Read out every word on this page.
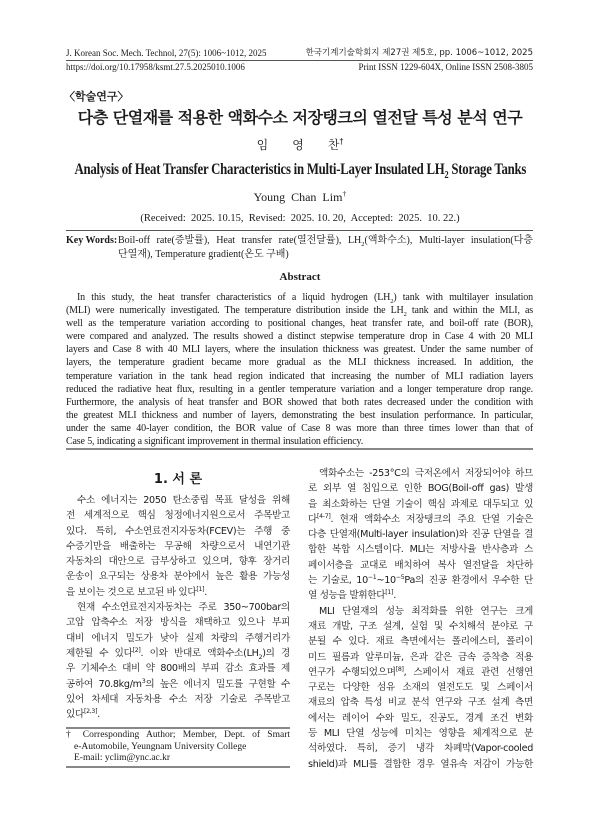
J. Korean Soc. Mech. Technol, 27(5): 1006~1012, 2025	한국기계기술학회지 제27권 제5호, pp. 1006~1012, 2025
https://doi.org/10.17958/ksmt.27.5.2025010.1006	Print ISSN 1229-604X, Online ISSN 2508-3805
〈학술연구〉
다층 단열재를 적용한 액화수소 저장탱크의 열전달 특성 분석 연구
임　　영　　찬†
Analysis of Heat Transfer Characteristics in Multi-Layer Insulated $LH_2$ Storage Tanks
Young  Chan  Lim†
(Received:  2025. 10.15,  Revised:  2025. 10. 20,  Accepted:  2025.  10. 22.)
Key Words: Boil-off rate(증발률), Heat transfer rate(열전달률), $LH_2$(액화수소), Multi-layer insulation(다층
단열재), Temperature gradient(온도 구배)
Abstract
In this study, the heat transfer characteristics of a liquid hydrogen $(LH_2)$ tank with multilayer insulation
(MLI) were numerically investigated. The temperature distribution inside the $LH_2$ tank and within the MLI, as
well as the temperature variation according to positional changes, heat transfer rate, and boil-off rate (BOR),
were compared and analyzed. The results showed a distinct stepwise temperature drop in Case 4 with 20 MLI
layers and Case 8 with 40 MLI layers, where the insulation thickness was greatest. Under the same number of
layers, the temperature gradient became more gradual as the MLI thickness increased. In addition, the
temperature variation in the tank head region indicated that increasing the number of MLI radiation layers
reduced the radiative heat flux, resulting in a gentler temperature variation and a longer temperature drop range.
Furthermore, the analysis of heat transfer and BOR showed that both rates decreased under the condition with
the greatest MLI thickness and number of layers, demonstrating the best insulation performance. In particular,
under the same 40-layer condition, the BOR value of Case 8 was more than three times lower than that of
Case 5, indicating a significant improvement in thermal insulation efficiency.
1. 서 론
수소 에너지는 2050 탄소중립 목표 달성을 위해
전 세계적으로 핵심 청정에너지원으로서 주목받고
있다. 특히, 수소연료전지자동차(FCEV)는 주행 중
수증기만을 배출하는 무공해 차량으로서 내연기관
자동차의 대안으로 급부상하고 있으며, 향후 장거리
운송이 요구되는 상용차 분야에서 높은 활용 가능성
을 보이는 것으로 보고된 바 있다[1].
현재 수소연료전지자동차는 주로 350~700bar의
고압 압축수소 저장 방식을 채택하고 있으나 부피
대비 에너지 밀도가 낮아 실제 차량의 주행거리가
제한될 수 있다[2]. 이와 반대로 액화수소$(LH_2)$의 경
우 기체수소 대비 약 800배의 부피 감소 효과를 제
공하여 $70.8kg/m^3$의 높은 에너지 밀도를 구현할 수
있어 차세대 자동차용 수소 저장 기술로 주목받고
있다[2,3].
액화수소는 -253°C의 극저온에서 저장되어야 하므
로 외부 열 침입으로 인한 BOG(Boil-off gas) 발생
을 최소화하는 단열 기술이 핵심 과제로 대두되고 있
다[4-7]. 현재 액화수소 저장탱크의 주요 단열 기술은
다층 단열재(Multi-layer insulation)와 진공 단열을 결
합한 복합 시스템이다. MLI는 저방사율 반사층과 스
페이서층을 교대로 배치하여 복사 열전달을 차단하
는 기술로, $10^{-1}\sim 10^{-5}Pa$의 진공 환경에서 우수한 단
열 성능을 발휘한다[1].
MLI 단열재의 성능 최적화를 위한 연구는 크게
재료 개발, 구조 설계, 실험 및 수치해석 분야로 구
분될 수 있다. 재료 측면에서는 폴리에스터, 폴리이
미드 필름과 알루미늄, 은과 같은 금속 증착층 적용
연구가 수행되었으며[8], 스페이서 재료 관련 선행연
구로는 다양한 섬유 소재의 열전도도 및 스페이서
재료의 압축 특성 비교 분석 연구와 구조 설계 측면
에서는 레이어 수와 밀도, 진공도, 경계 조건 변화
등 MLI 단열 성능에 미치는 영향을 체계적으로 분
석하였다. 특히, 증기 냉각 차폐막(Vapor-cooled
shield)과 MLI를 결합한 경우 열유속 저감이 가능한
† Corresponding Author; Member, Dept. of Smart
e-Automobile, Yeungnam University College
E-mail: yclim@ync.ac.kr
